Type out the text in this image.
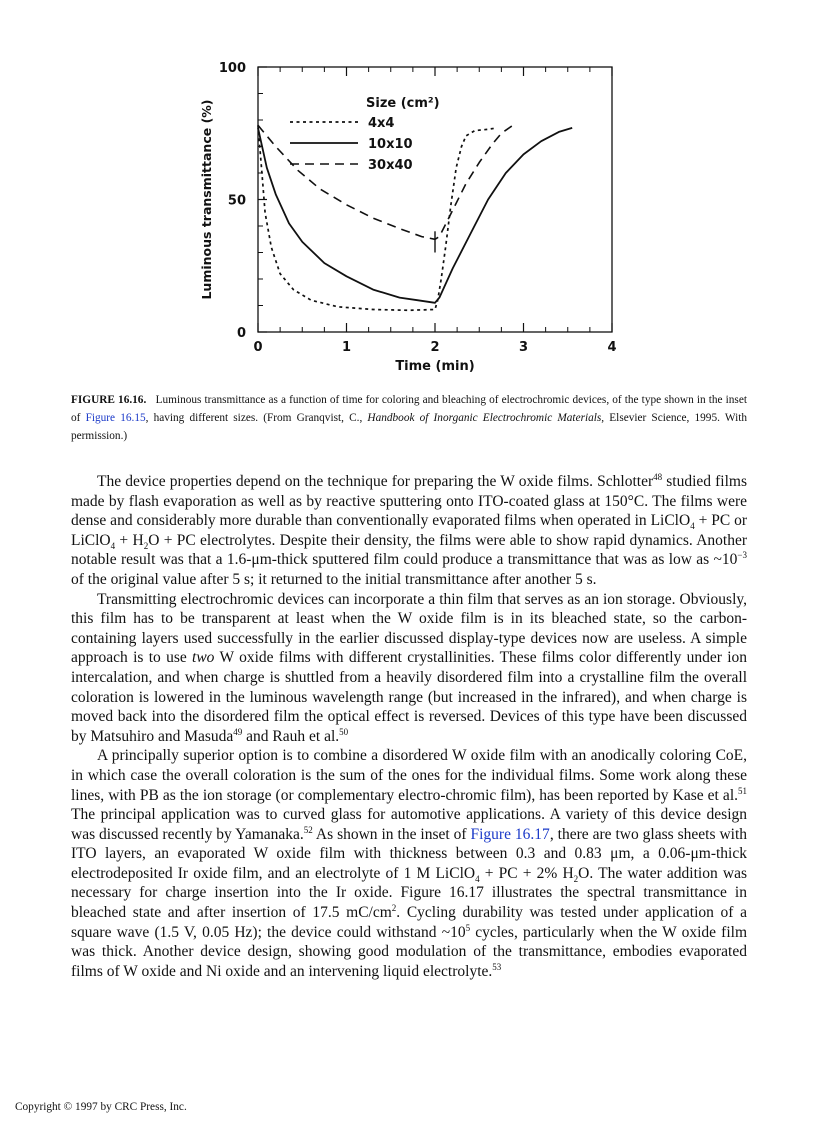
0	1	2	3	4
0
50
100
Time (min)
Luminous transmittance (%)	Size (cm²)
4x4
10x10
30x40
FIGURE 16.16. Luminous transmittance as a function of time for coloring and bleaching of electrochromic devices, of the type shown in the inset of Figure 16.15, having different sizes. (From Granqvist, C., Handbook of Inorganic Electrochromic Materials, Elsevier Science, 1995. With permission.)

The device properties depend on the technique for preparing the W oxide films. Schlotter$^{48}$ studied films made by flash evaporation as well as by reactive sputtering onto ITO-coated glass at 150°C. The films were dense and considerably more durable than conventionally evaporated films when operated in LiClO$_4$ + PC or LiClO$_4$ + $H_2O$ + PC electrolytes. Despite their density, the films were able to show rapid dynamics. Another notable result was that a 1.6-μm-thick sputtered film could produce a transmittance that was as low as $\sim 10^{-3}$ of the original value after 5 s; it returned to the initial transmittance after another 5 s.

Transmitting electrochromic devices can incorporate a thin film that serves as an ion storage. Obviously, this film has to be transparent at least when the W oxide film is in its bleached state, so the carbon-containing layers used successfully in the earlier discussed display-type devices now are useless. A simple approach is to use two W oxide films with different crystallinities. These films color differently under ion intercalation, and when charge is shuttled from a heavily disordered film into a crystalline film the overall coloration is lowered in the luminous wavelength range (but increased in the infrared), and when charge is moved back into the disordered film the optical effect is reversed. Devices of this type have been discussed by Matsuhiro and Masuda$^{49}$ and Rauh et al.$^{50}$

A principally superior option is to combine a disordered W oxide film with an anodically coloring CoE, in which case the overall coloration is the sum of the ones for the individual films. Some work along these lines, with PB as the ion storage (or complementary electro-chromic film), has been reported by Kase et al.$^{51}$ The principal application was to curved glass for automotive applications. A variety of this device design was discussed recently by Yamanaka.$^{52}$ As shown in the inset of Figure 16.17, there are two glass sheets with ITO layers, an evaporated W oxide film with thickness between 0.3 and 0.83 μm, a 0.06-μm-thick electrodeposited Ir oxide film, and an electrolyte of 1 M LiClO$_4$ + PC + 2% $H_2O$. The water addition was necessary for charge insertion into the Ir oxide. Figure 16.17 illustrates the spectral transmittance in bleached state and after insertion of 17.5 $mC/cm^2$. Cycling durability was tested under application of a square wave (1.5 V, 0.05 Hz); the device could withstand $\sim 10^5$ cycles, particularly when the W oxide film was thick. Another device design, showing good modulation of the transmittance, embodies evaporated films of W oxide and Ni oxide and an intervening liquid electrolyte.$^{53}$

Copyright © 1997 by CRC Press, Inc.
